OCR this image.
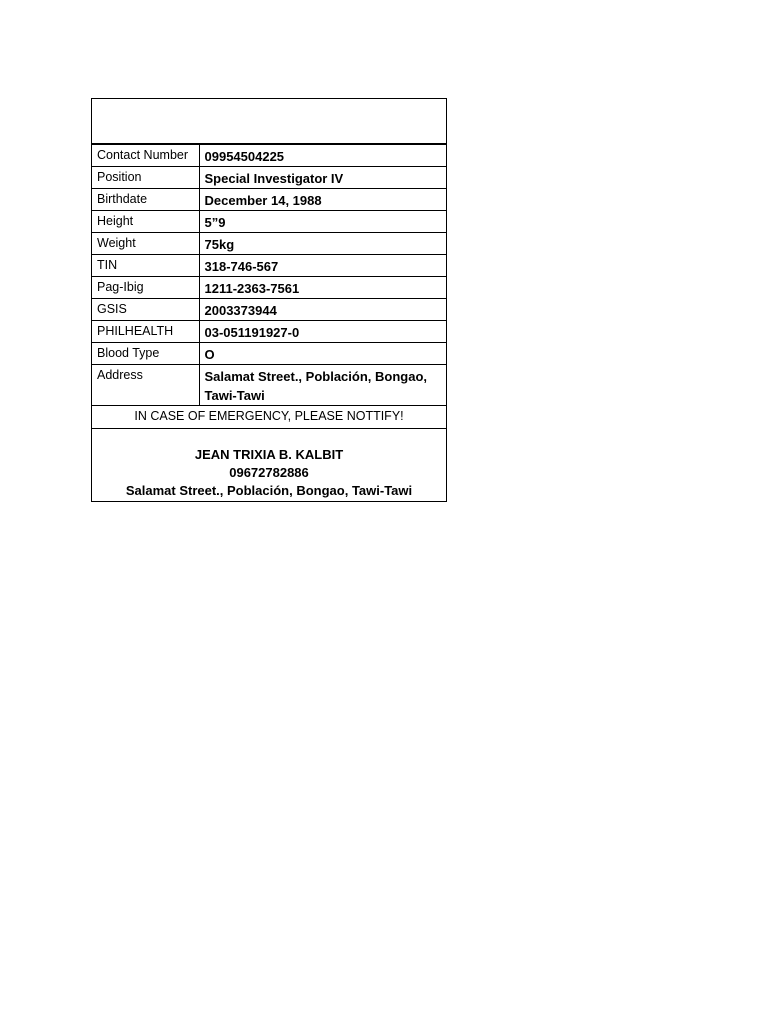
Contact Number	09954504225
Position	Special Investigator IV
Birthdate	December 14, 1988
Height	5”9
Weight	75kg
TIN	318-746-567
Pag-Ibig	1211-2363-7561
GSIS	2003373944
PHILHEALTH	03-051191927-0
Blood Type	O
Address	Salamat Street., Población, Bongao, Tawi-Tawi
IN CASE OF EMERGENCY, PLEASE NOTTIFY!
JEAN TRIXIA B. KALBIT
09672782886
Salamat Street., Población, Bongao, Tawi-Tawi
